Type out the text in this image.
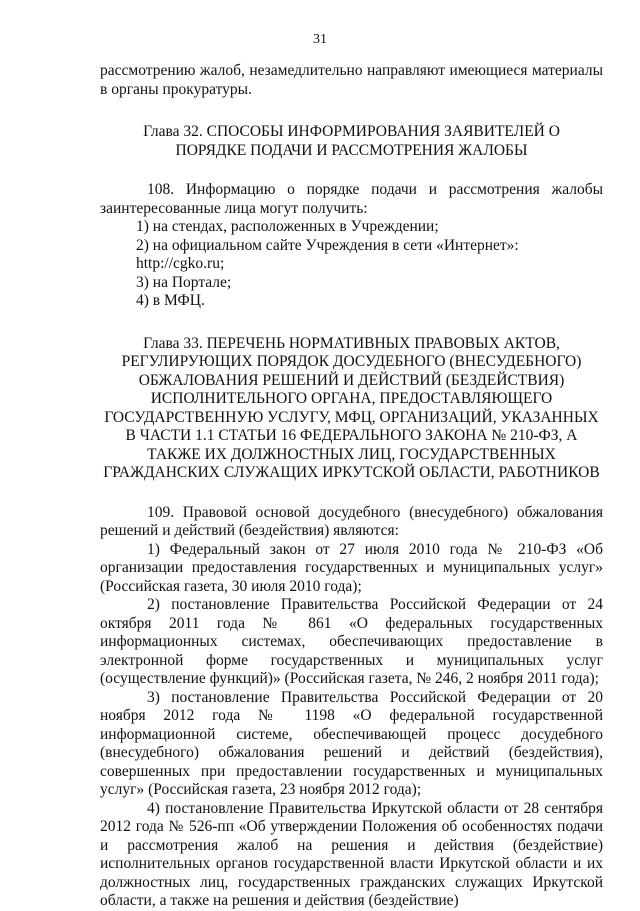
31

рассмотрению жалоб, незамедлительно направляют имеющиеся материалы в органы прокуратуры.

Глава 32. СПОСОБЫ ИНФОРМИРОВАНИЯ ЗАЯВИТЕЛЕЙ О ПОРЯДКЕ ПОДАЧИ И РАССМОТРЕНИЯ ЖАЛОБЫ

108. Информацию о порядке подачи и рассмотрения жалобы заинтересованные лица могут получить:

1) на стендах, расположенных в Учреждении;

2) на официальном сайте Учреждения в сети «Интернет»: http://cgko.ru;

3) на Портале;

4) в МФЦ.

Глава 33. ПЕРЕЧЕНЬ НОРМАТИВНЫХ ПРАВОВЫХ АКТОВ, РЕГУЛИРУЮЩИХ ПОРЯДОК ДОСУДЕБНОГО (ВНЕСУДЕБНОГО) ОБЖАЛОВАНИЯ РЕШЕНИЙ И ДЕЙСТВИЙ (БЕЗДЕЙСТВИЯ) ИСПОЛНИТЕЛЬНОГО ОРГАНА, ПРЕДОСТАВЛЯЮЩЕГО ГОСУДАРСТВЕННУЮ УСЛУГУ, МФЦ, ОРГАНИЗАЦИЙ, УКАЗАННЫХ В ЧАСТИ 1.1 СТАТЬИ 16 ФЕДЕРАЛЬНОГО ЗАКОНА № 210-ФЗ, А ТАКЖЕ ИХ ДОЛЖНОСТНЫХ ЛИЦ, ГОСУДАРСТВЕННЫХ ГРАЖДАНСКИХ СЛУЖАЩИХ ИРКУТСКОЙ ОБЛАСТИ, РАБОТНИКОВ

109. Правовой основой досудебного (внесудебного) обжалования решений и действий (бездействия) являются:

1) Федеральный закон от 27 июля 2010 года № 210-ФЗ «Об организации предоставления государственных и муниципальных услуг» (Российская газета, 30 июля 2010 года);

2) постановление Правительства Российской Федерации от 24 октября 2011 года № 861 «О федеральных государственных информационных системах, обеспечивающих предоставление в электронной форме государственных и муниципальных услуг (осуществление функций)» (Российская газета, № 246, 2 ноября 2011 года);

3) постановление Правительства Российской Федерации от 20 ноября 2012 года № 1198 «О федеральной государственной информационной системе, обеспечивающей процесс досудебного (внесудебного) обжалования решений и действий (бездействия), совершенных при предоставлении государственных и муниципальных услуг» (Российская газета, 23 ноября 2012 года);

4) постановление Правительства Иркутской области от 28 сентября 2012 года № 526-пп «Об утверждении Положения об особенностях подачи и рассмотрения жалоб на решения и действия (бездействие) исполнительных органов государственной власти Иркутской области и их должностных лиц, государственных гражданских служащих Иркутской области, а также на решения и действия (бездействие)
